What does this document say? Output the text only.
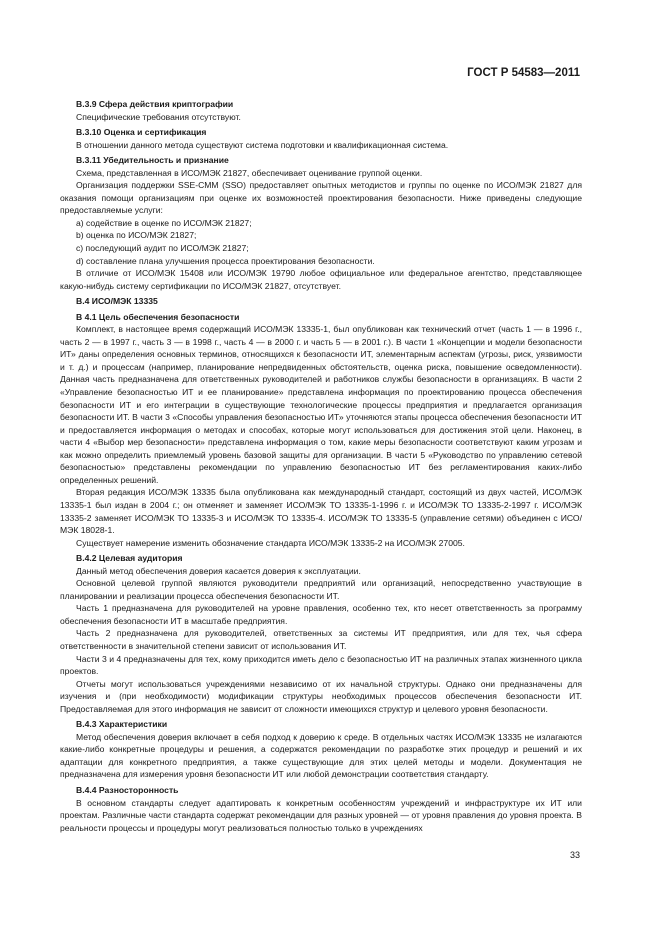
ГОСТ Р 54583—2011

B.3.9 Сфера действия криптографии

Специфические требования отсутствуют.

B.3.10 Оценка и сертификация

В отношении данного метода существуют система подготовки и квалификационная система.

B.3.11 Убедительность и признание

Схема, представленная в ИСО/МЭК 21827, обеспечивает оценивание группой оценки.

Организация поддержки SSE-CMM (SSO) предоставляет опытных методистов и группы по оценке по ИСО/МЭК 21827 для оказания помощи организациям при оценке их возможностей проектирования безопасности. Ниже приведены следующие предоставляемые услуги:

a) содействие в оценке по ИСО/МЭК 21827;

b) оценка по ИСО/МЭК 21827;

c) последующий аудит по ИСО/МЭК 21827;

d) составление плана улучшения процесса проектирования безопасности.

В отличие от ИСО/МЭК 15408 или ИСО/МЭК 19790 любое официальное или федеральное агентство, представляющее какую-нибудь систему сертификации по ИСО/МЭК 21827, отсутствует.

B.4 ИСО/МЭК 13335

B 4.1 Цель обеспечения безопасности

Комплект, в настоящее время содержащий ИСО/МЭК 13335-1, был опубликован как технический отчет (часть 1 — в 1996 г., часть 2 — в 1997 г., часть 3 — в 1998 г., часть 4 — в 2000 г. и часть 5 — в 2001 г.). В части 1 «Концепции и модели безопасности ИТ» даны определения основных терминов, относящихся к безопасности ИТ, элементарным аспектам (угрозы, риск, уязвимости и т. д.) и процессам (например, планирование непредвиденных обстоятельств, оценка риска, повышение осведомленности). Данная часть предназначена для ответственных руководителей и работников службы безопасности в организациях. В части 2 «Управление безопасностью ИТ и ее планирование» представлена информация по проектированию процесса обеспечения безопасности ИТ и его интеграции в существующие технологические процессы предприятия и предлагается организация безопасности ИТ. В части 3 «Способы управления безопасностью ИТ» уточняются этапы процесса обеспечения безопасности ИТ и предоставляется информация о методах и способах, которые могут использоваться для достижения этой цели. Наконец, в части 4 «Выбор мер безопасности» представлена информация о том, какие меры безопасности соответствуют каким угрозам и как можно определить приемлемый уровень базовой защиты для организации. В части 5 «Руководство по управлению сетевой безопасностью» представлены рекомендации по управлению безопасностью ИТ без регламентирования каких-либо определенных решений.

Вторая редакция ИСО/МЭК 13335 была опубликована как международный стандарт, состоящий из двух частей, ИСО/МЭК 13335-1 был издан в 2004 г.; он отменяет и заменяет ИСО/МЭК ТО 13335-1-1996 г. и ИСО/МЭК ТО 13335-2-1997 г. ИСО/МЭК 13335-2 заменяет ИСО/МЭК ТО 13335-3 и ИСО/МЭК ТО 13335-4. ИСО/МЭК ТО 13335-5 (управление сетями) объединен с ИСО/МЭК 18028-1.

Существует намерение изменить обозначение стандарта ИСО/МЭК 13335-2 на ИСО/МЭК 27005.

B.4.2 Целевая аудитория

Данный метод обеспечения доверия касается доверия к эксплуатации.

Основной целевой группой являются руководители предприятий или организаций, непосредственно участвующие в планировании и реализации процесса обеспечения безопасности ИТ.

Часть 1 предназначена для руководителей на уровне правления, особенно тех, кто несет ответственность за программу обеспечения безопасности ИТ в масштабе предприятия.

Часть 2 предназначена для руководителей, ответственных за системы ИТ предприятия, или для тех, чья сфера ответственности в значительной степени зависит от использования ИТ.

Части 3 и 4 предназначены для тех, кому приходится иметь дело с безопасностью ИТ на различных этапах жизненного цикла проектов.

Отчеты могут использоваться учреждениями независимо от их начальной структуры. Однако они предназначены для изучения и (при необходимости) модификации структуры необходимых процессов обеспечения безопасности ИТ. Предоставляемая для этого информация не зависит от сложности имеющихся структур и целевого уровня безопасности.

B.4.3 Характеристики

Метод обеспечения доверия включает в себя подход к доверию к среде. В отдельных частях ИСО/МЭК 13335 не излагаются какие-либо конкретные процедуры и решения, а содержатся рекомендации по разработке этих процедур и решений и их адаптации для конкретного предприятия, а также существующие для этих целей методы и модели. Документация не предназначена для измерения уровня безопасности ИТ или любой демонстрации соответствия стандарту.

B.4.4 Разносторонность

В основном стандарты следует адаптировать к конкретным особенностям учреждений и инфраструктуре их ИТ или проектам. Различные части стандарта содержат рекомендации для разных уровней — от уровня правления до уровня проекта. В реальности процессы и процедуры могут реализоваться полностью только в учреждениях

33
